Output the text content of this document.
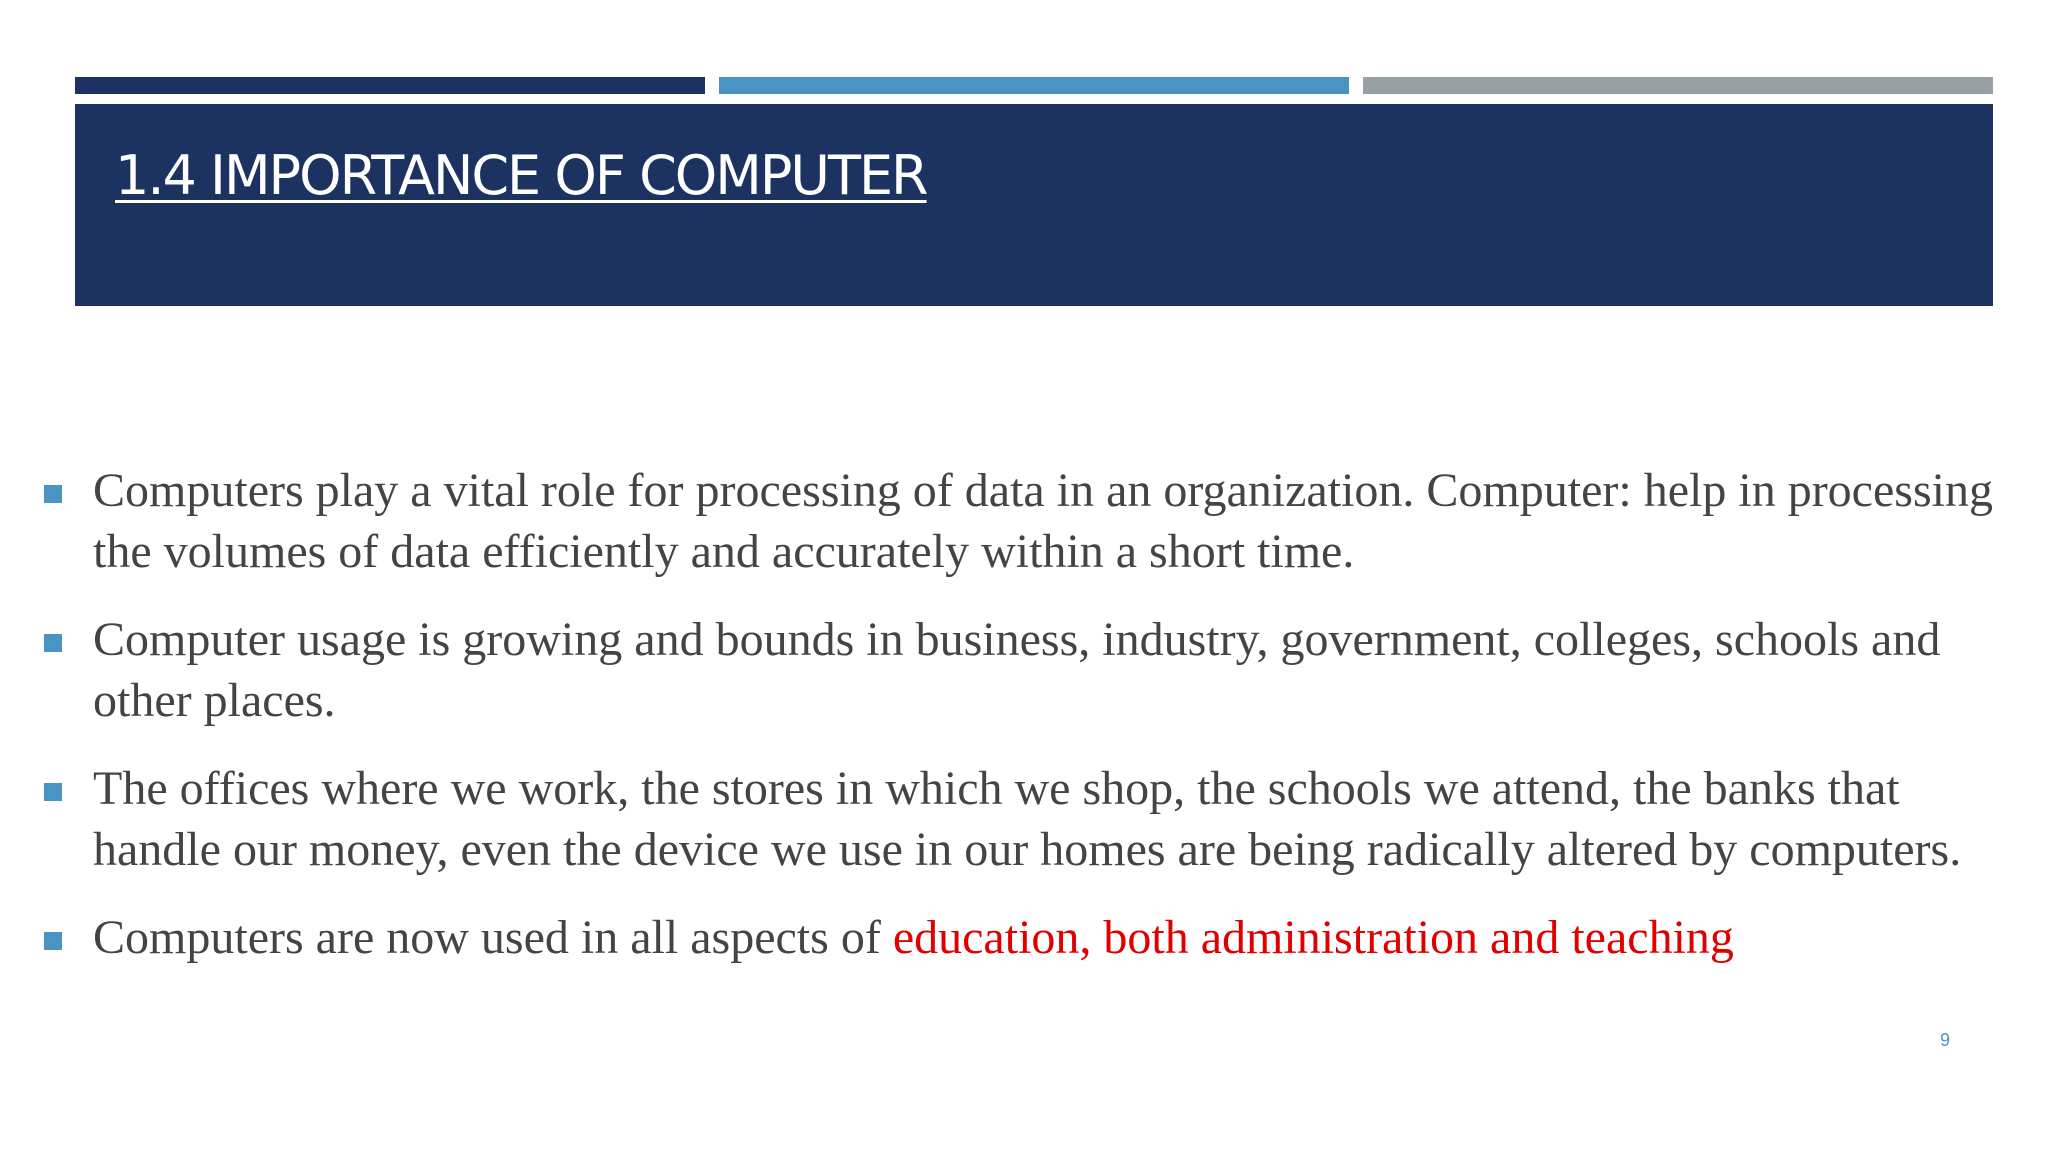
1.4 IMPORTANCE OF COMPUTER
Computers play a vital role for processing of data in an organization. Computer: help in processing the volumes of data efficiently and accurately within a short time.
Computer usage is growing and bounds in business, industry, government, colleges, schools and other places.
The offices where we work, the stores in which we shop, the schools we attend, the banks that handle our money, even the device we use in our homes are being radically altered by computers.
Computers are now used in all aspects of education, both administration and teaching
9
